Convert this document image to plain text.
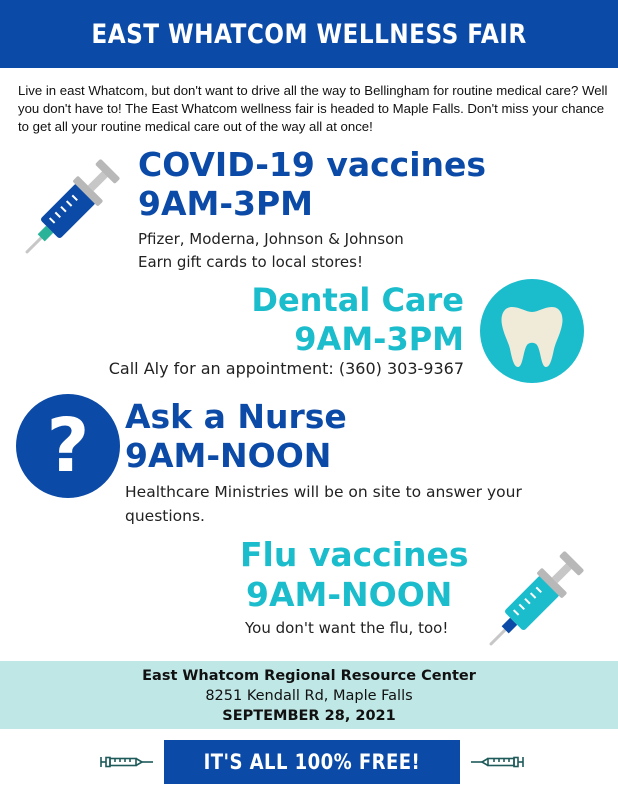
EAST WHATCOM WELLNESS FAIR
Live in east Whatcom, but don't want to drive all the way to Bellingham for routine medical care? Well you don't have to! The East Whatcom wellness fair is headed to Maple Falls. Don't miss your chance to get all your routine medical care out of the way all at once!
COVID-19 vaccines
9AM-3PM
Pfizer, Moderna, Johnson & Johnson
Earn gift cards to local stores!
Dental Care
9AM-3PM
Call Aly for an appointment: (360) 303-9367
? Ask a Nurse
9AM-NOON
Healthcare Ministries will be on site to answer your questions.
Flu vaccines
9AM-NOON
You don't want the flu, too!
East Whatcom Regional Resource Center
8251 Kendall Rd, Maple Falls
SEPTEMBER 28, 2021
IT'S ALL 100% FREE!
